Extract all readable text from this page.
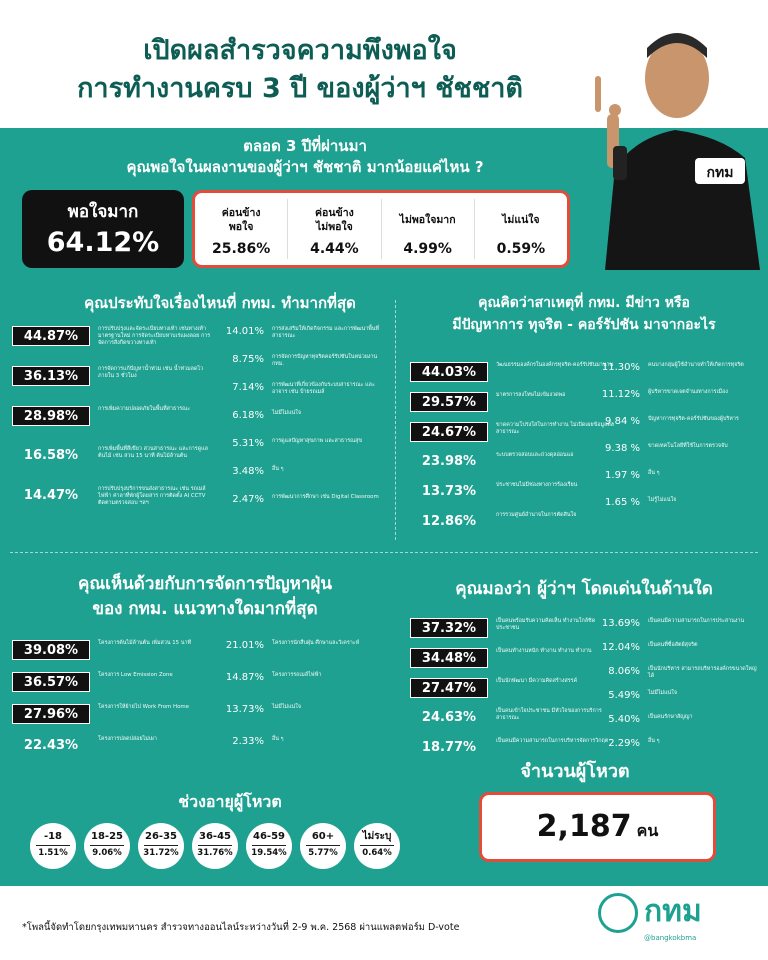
เปิดผลสำรวจความพึงพอใจ
การทำงานครบ 3 ปี ของผู้ว่าฯ ชัชชาติ
กทม
ตลอด 3 ปีที่ผ่านมา
คุณพอใจในผลงานของผู้ว่าฯ ชัชชาติ มากน้อยแค่ไหน ?
พอใจมาก
64.12%
ค่อนข้าง
พอใจ
25.86%
ค่อนข้าง
ไม่พอใจ
4.44%
ไม่พอใจมาก
4.99%
ไม่แน่ใจ
0.59%
คุณประทับใจเรื่องไหนที่ กทม. ทำมากที่สุด
44.87%	การปรับปรุงและจัดระเบียบทางเท้า เช่นทางเท้ามาตรฐานใหม่ การจัดระเบียบหาบเร่แผงลอย การจัดการสิ่งกีดขวางทางเท้า
36.13%	การจัดการแก้ปัญหาน้ำท่วม เช่น น้ำท่วมลดไวภายใน 3 ชั่วโมง
28.98%	การเพิ่มความปลอดภัยในพื้นที่สาธารณะ
16.58%	การเพิ่มพื้นที่สีเขียว สวนสาธารณะ และการดูแลต้นไม้ เช่น สวน 15 นาที ต้นไม้ล้านต้น
14.47%	การปรับปรุงบริการขนส่งสาธารณะ เช่น รถเมล์ไฟฟ้า ศาลาที่พักผู้โดยสาร การติดตั้ง AI CCTV ติดตามตรวจสอบ ฯลฯ
14.01% การส่งเสริมให้เกิดกิจกรรม และการพัฒนาพื้นที่สาธารณะ
8.75% การจัดการปัญหาทุจริตคอร์รัปชันในหน่วยงาน กทม.
7.14% การพัฒนาที่เกี่ยวข้องกับระบบสาธารณะ และอาจาร เช่น ป้ายรถเมล์
6.18% ไม่มีไม่แน่ใจ
5.31% การดูแลปัญหาสุขภาพ และสาธารณสุข
3.48% อื่น ๆ
2.47% การพัฒนาการศึกษา เช่น Digital Classroom
คุณคิดว่าสาเหตุที่ กทม. มีข่าว หรือ
มีปัญหาการ ทุจริต - คอร์รัปชัน มาจากอะไร
44.03%	วัฒนธรรมองค์กรในองค์กรทุจริต-คอร์รัปชันมานาน
29.57%	มาตรการลงโทษไม่เข้มงวดพอ
24.67%	ขาดความโปร่งใสในการทำงาน ไม่เปิดเผยข้อมูลต่อสาธารณะ
23.98%	ระบบตรวจสอบและถ่วงดุลอ่อนแอ
13.73%	ประชาชนไม่มีช่องทางการร้องเรียน
12.86%	การรวมศูนย์อำนาจในการตัดสินใจ
11.30% คนบางกลุ่มผู้ใช้อำนาจทำให้เกิดการทุจริต
11.12% ผู้บริหารขาดเจตจำนงทางการเมือง
9.84 % ปัญหาการทุจริต-คอร์รัปชันของผู้บริหาร
9.38 % ขาดเทคโนโลยีที่ใช้ในการตรวจจับ
1.97 % อื่น ๆ
1.65 % ไม่รู้ไม่แน่ใจ
คุณเห็นด้วยกับการจัดการปัญหาฝุ่น
ของ กทม. แนวทางใดมากที่สุด
39.08%	โครงการต้นไม้ล้านต้น เพิ่มสวน 15 นาที
36.57%	โครงการ Low Emission Zone
27.96%	โครงการให้ย้ายไป Work From Home
22.43%	โครงการปลดปล่อยไม่เผา
21.01% โครงการนักสืบฝุ่น ศึกษาและวิเคราะห์
14.87% โครงการรถเมล์ไฟฟ้า
13.73% ไม่มีไม่แน่ใจ
2.33% อื่น ๆ
คุณมองว่า ผู้ว่าฯ โดดเด่นในด้านใด
37.32%	เป็นคนพร้อมรับความคิดเห็น ทำงานใกล้ชิดประชาชน
34.48%	เป็นคนทำงานหนัก ทำงาน ทำงาน ทำงาน
27.47%	เป็นนักพัฒนา มีความคิดสร้างสรรค์
24.63%	เป็นคนเข้าใจประชาชน มีหัวใจของการบริการสาธารณะ
18.77%	เป็นคนมีความสามารถในการบริหารจัดการวิกฤต
13.69% เป็นคนมีความสามารถในการประสานงาน
12.04% เป็นคนที่ซื่อสัตย์สุจริต
8.06% เป็นนักบริหาร สามารถบริหารองค์กรขนาดใหญ่ได้
5.49% ไม่มีไม่แน่ใจ
5.40% เป็นคนรักษาสัญญา
2.29% อื่น ๆ
ช่วงอายุผู้โหวต
-18
1.51%
18-25
9.06%
26-35
31.72%
36-45
31.76%
46-59
19.54%
60+
5.77%
ไม่ระบุ
0.64%
จำนวนผู้โหวต
2,187 คน
*โพลนี้จัดทำโดยกรุงเทพมหานคร สำรวจทางออนไลน์ระหว่างวันที่ 2-9 พ.ค. 2568 ผ่านแพลตฟอร์ม D-vote	กทม
@bangkokbma
